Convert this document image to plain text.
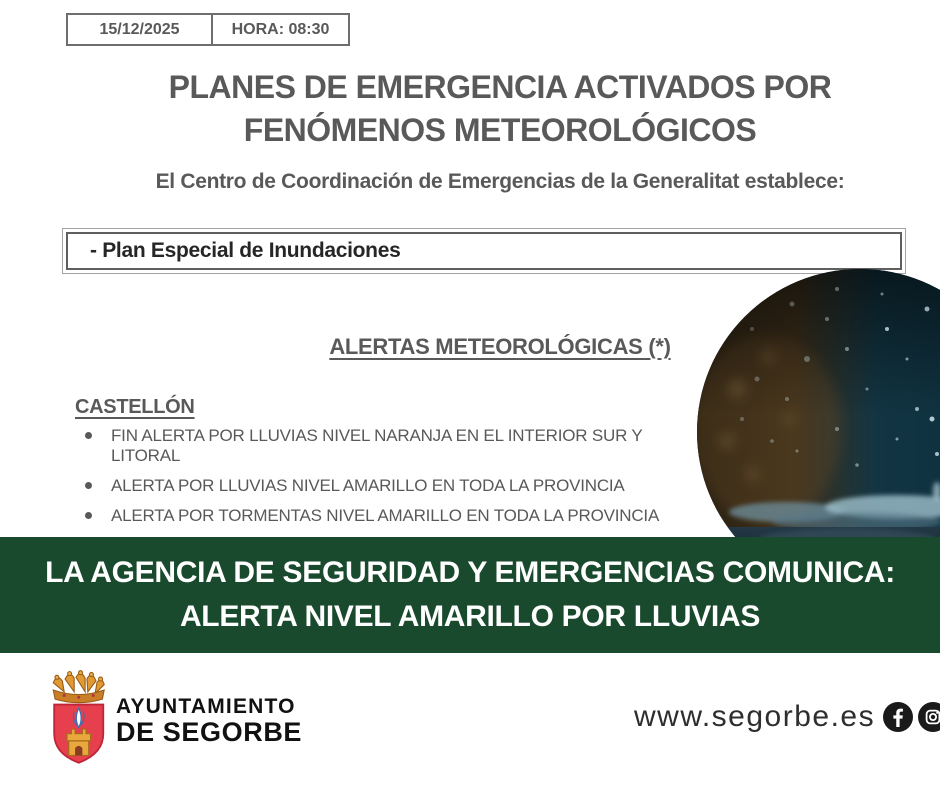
15/12/2025	HORA: 08:30
PLANES DE EMERGENCIA ACTIVADOS POR
FENÓMENOS METEOROLÓGICOS
El Centro de Coordinación de Emergencias de la Generalitat establece:
- Plan Especial de Inundaciones
ALERTAS METEOROLÓGICAS (*)
CASTELLÓN
FIN ALERTA POR LLUVIAS NIVEL NARANJA EN EL INTERIOR SUR Y LITORAL
ALERTA POR LLUVIAS NIVEL AMARILLO EN TODA LA PROVINCIA
ALERTA POR TORMENTAS NIVEL AMARILLO EN TODA LA PROVINCIA
LA AGENCIA DE SEGURIDAD Y EMERGENCIAS COMUNICA:
ALERTA NIVEL AMARILLO POR LLUVIAS
AYUNTAMIENTO
DE SEGORBE	www.segorbe.es
